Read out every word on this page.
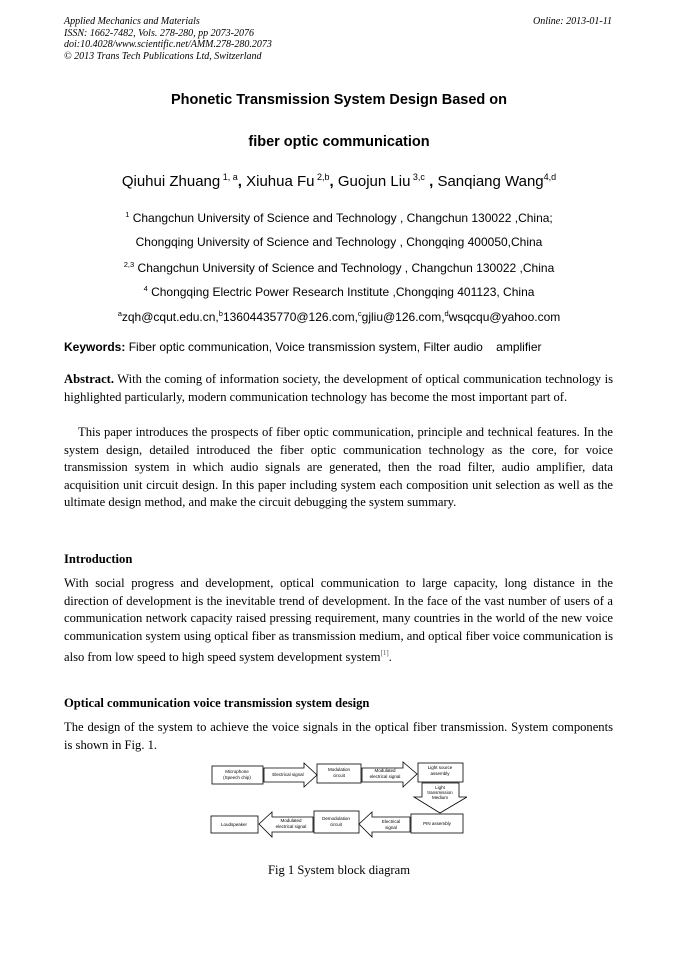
Applied Mechanics and Materials
ISSN: 1662-7482, Vols. 278-280, pp 2073-2076
doi:10.4028/www.scientific.net/AMM.278-280.2073
© 2013 Trans Tech Publications Ltd, Switzerland
Online: 2013-01-11
Phonetic Transmission System Design Based on
fiber optic communication
Qiuhui Zhuang $^{1, a}$, Xiuhua Fu $^{2,b}$, Guojun Liu $^{3,c}$ , Sanqiang Wang$^{4,d}$
$^1$ Changchun University of Science and Technology , Changchun 130022 ,China;
Chongqing University of Science and Technology , Chongqing 400050,China
$^{2,3}$ Changchun University of Science and Technology , Changchun 130022 ,China
$^4$ Chongqing Electric Power Research Institute ,Chongqing 401123, China
$^a$zqh@cqut.edu.cn,$^b$13604435770@126.com,$^c$gjliu@126.com,$^d$wsqcqu@yahoo.com
Keywords: Fiber optic communication, Voice transmission system, Filter audio    amplifier
Abstract. With the coming of information society, the development of optical communication technology is highlighted particularly, modern communication technology has become the most important part of.
This paper introduces the prospects of fiber optic communication, principle and technical features. In the system design, detailed introduced the fiber optic communication technology as the core, for voice transmission system in which audio signals are generated, then the road filter, audio amplifier, data acquisition unit circuit design. In this paper including system each composition unit selection as well as the ultimate design method, and make the circuit debugging the system summary.
Introduction
With social progress and development, optical communication to large capacity, long distance in the direction of development is the inevitable trend of development. In the face of the vast number of users of a communication network capacity raised pressing requirement, many countries in the world of the new voice communication system using optical fiber as transmission medium, and optical fiber voice communication is also from low speed to high speed system development system[1].
Optical communication voice transmission system design
The design of the system to achieve the voice signals in the optical fiber transmission. System components is shown in Fig. 1.
Microphone
(Speech chip)
Electrical signal
Modulation
circuit
Modulated
electrical signal
Light source
assembly
Light
transmission
Medium
PIN assembly
Electrical
signal
Demodulation
circuit
Modulated
electrical signal
Loudspeaker
Fig 1 System block diagram
